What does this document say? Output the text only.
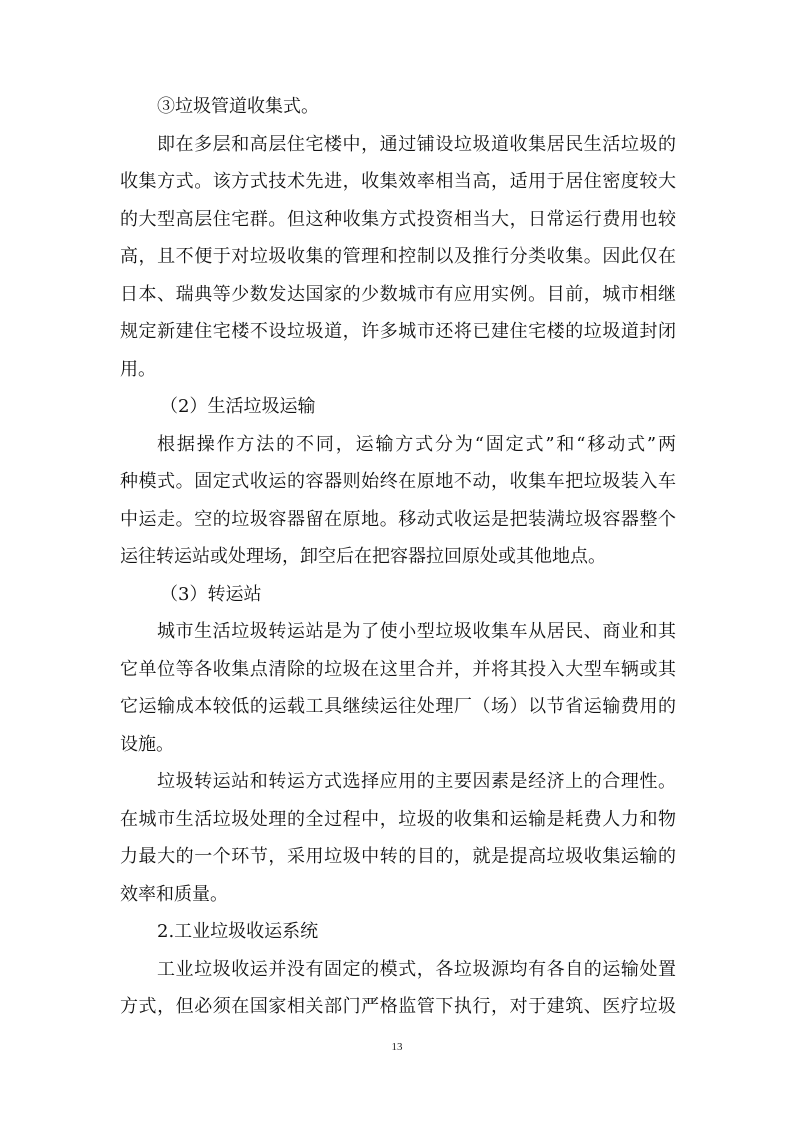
③垃圾管道收集式。
即在多层和高层住宅楼中，通过铺设垃圾道收集居民生活垃圾的
收集方式。该方式技术先进，收集效率相当高，适用于居住密度较大
的大型高层住宅群。但这种收集方式投资相当大，日常运行费用也较
高，且不便于对垃圾收集的管理和控制以及推行分类收集。因此仅在
日本、瑞典等少数发达国家的少数城市有应用实例。目前，城市相继
规定新建住宅楼不设垃圾道，许多城市还将已建住宅楼的垃圾道封闭
用。
（2）生活垃圾运输
根据操作方法的不同，运输方式分为“固定式”和“移动式”两
种模式。固定式收运的容器则始终在原地不动，收集车把垃圾装入车
中运走。空的垃圾容器留在原地。移动式收运是把装满垃圾容器整个
运往转运站或处理场，卸空后在把容器拉回原处或其他地点。
（3）转运站
城市生活垃圾转运站是为了使小型垃圾收集车从居民、商业和其
它单位等各收集点清除的垃圾在这里合并，并将其投入大型车辆或其
它运输成本较低的运载工具继续运往处理厂（场）以节省运输费用的
设施。
垃圾转运站和转运方式选择应用的主要因素是经济上的合理性。
在城市生活垃圾处理的全过程中，垃圾的收集和运输是耗费人力和物
力最大的一个环节，采用垃圾中转的目的，就是提高垃圾收集运输的
效率和质量。
2.工业垃圾收运系统
工业垃圾收运并没有固定的模式，各垃圾源均有各自的运输处置
方式，但必须在国家相关部门严格监管下执行，对于建筑、医疗垃圾
13
